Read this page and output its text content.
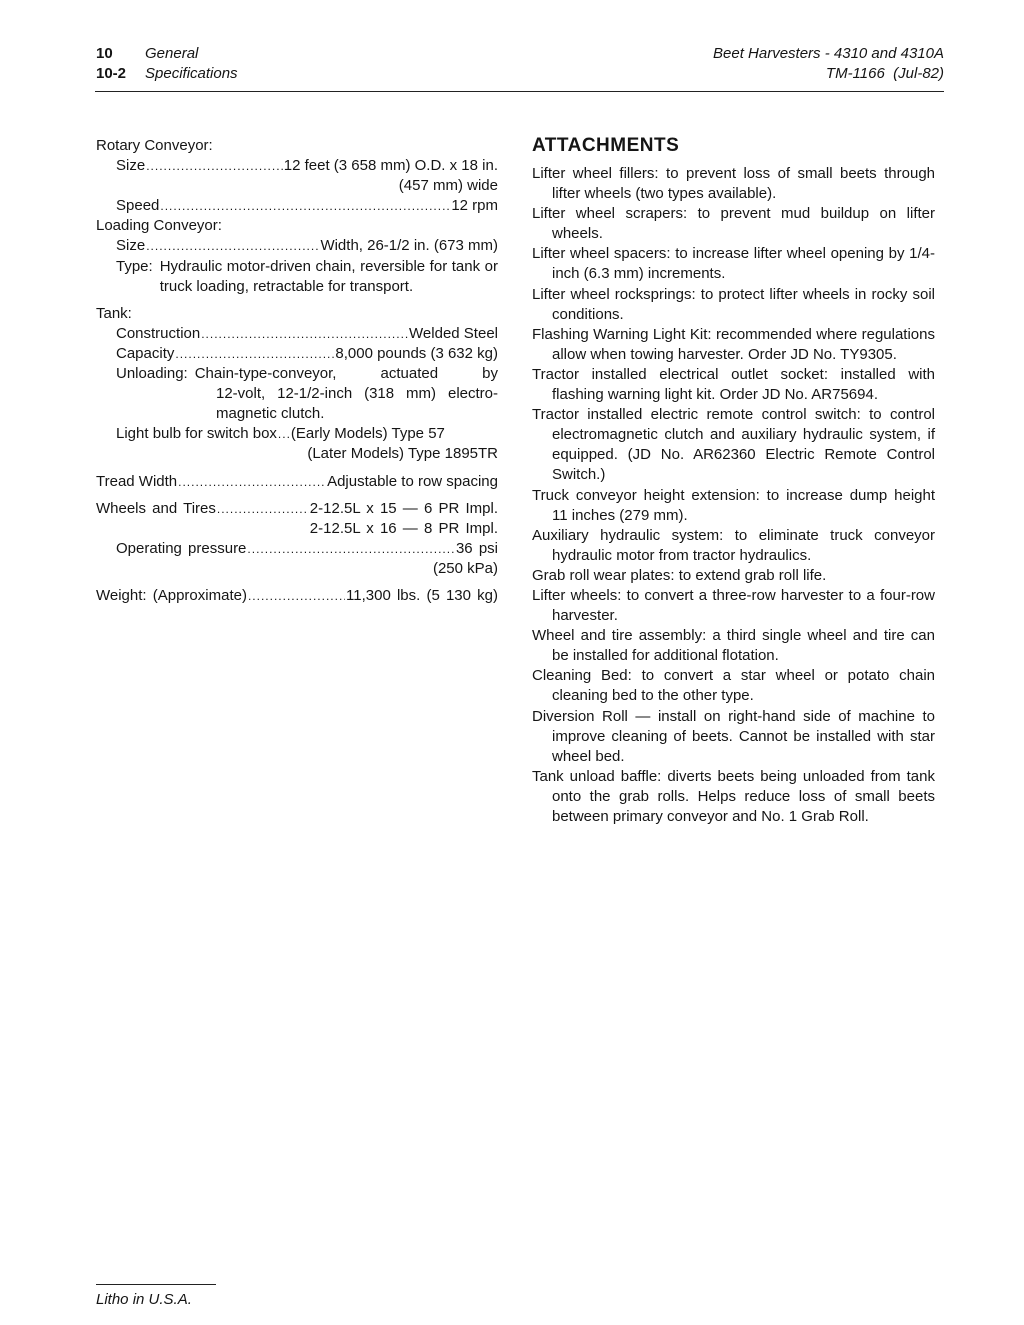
10	General
10-2	Specifications
Beet Harvesters - 4310 and 4310A
TM-1166  (Jul-82)
Rotary Conveyor:
Size .....	12 feet (3 658 mm) O.D. x 18 in.
(457 mm) wide
Speed .....	12 rpm
Loading Conveyor:
Size .....	Width, 26-1/2 in. (673 mm)
Type: Hydraulic motor-driven chain, reversible for tank or truck loading, retractable for transport.
Tank:
Construction .....	Welded Steel
Capacity .....	8,000 pounds (3 632 kg)
Unloading: Chain-type-conveyor, actuated by
12-volt, 12-1/2-inch (318 mm) electro-magnetic clutch.
Light bulb for switch box ..... (Early Models) Type 57
(Later Models) Type 1895TR
Tread Width .....	Adjustable to row spacing
Wheels and Tires .....	2-12.5L x 15 — 6 PR Impl.
2-12.5L x 16 — 8 PR Impl.
Operating pressure .....	36 psi
(250 kPa)
Weight: (Approximate) .....	11,300 lbs. (5 130 kg)
ATTACHMENTS
Lifter wheel fillers: to prevent loss of small beets through lifter wheels (two types available).
Lifter wheel scrapers: to prevent mud buildup on lifter wheels.
Lifter wheel spacers: to increase lifter wheel opening by 1/4-inch (6.3 mm) increments.
Lifter wheel rocksprings: to protect lifter wheels in rocky soil conditions.
Flashing Warning Light Kit: recommended where regulations allow when towing harvester. Order JD No. TY9305.
Tractor installed electrical outlet socket: installed with flashing warning light kit. Order JD No. AR75694.
Tractor installed electric remote control switch: to control electromagnetic clutch and auxiliary hydraulic system, if equipped. (JD No. AR62360 Electric Remote Control Switch.)
Truck conveyor height extension: to increase dump height 11 inches (279 mm).
Auxiliary hydraulic system: to eliminate truck conveyor hydraulic motor from tractor hydraulics.
Grab roll wear plates: to extend grab roll life.
Lifter wheels: to convert a three-row harvester to a four-row harvester.
Wheel and tire assembly: a third single wheel and tire can be installed for additional flotation.
Cleaning Bed: to convert a star wheel or potato chain cleaning bed to the other type.
Diversion Roll — install on right-hand side of machine to improve cleaning of beets. Cannot be installed with star wheel bed.
Tank unload baffle: diverts beets being unloaded from tank onto the grab rolls. Helps reduce loss of small beets between primary conveyor and No. 1 Grab Roll.
Litho in U.S.A.
